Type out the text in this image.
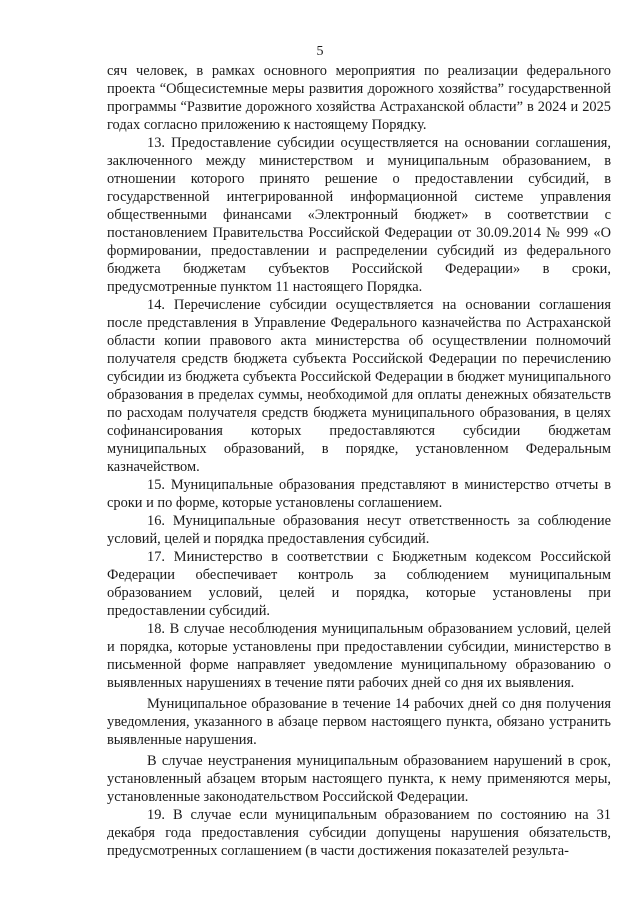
5

сяч человек, в рамках основного мероприятия по реализации федерального проекта “Общесистемные меры развития дорожного хозяйства” государственной программы “Развитие дорожного хозяйства Астраханской области” в 2024 и 2025 годах согласно приложению к настоящему Порядку.

13. Предоставление субсидии осуществляется на основании соглашения, заключенного между министерством и муниципальным образованием, в отношении которого принято решение о предоставлении субсидий, в государственной интегрированной информационной системе управления общественными финансами «Электронный бюджет» в соответствии с постановлением Правительства Российской Федерации от 30.09.2014 № 999 «О формировании, предоставлении и распределении субсидий из федерального бюджета бюджетам субъектов Российской Федерации» в сроки, предусмотренные пунктом 11 настоящего Порядка.

14. Перечисление субсидии осуществляется на основании соглашения после представления в Управление Федерального казначейства по Астраханской области копии правового акта министерства об осуществлении полномочий получателя средств бюджета субъекта Российской Федерации по перечислению субсидии из бюджета субъекта Российской Федерации в бюджет муниципального образования в пределах суммы, необходимой для оплаты денежных обязательств по расходам получателя средств бюджета муниципального образования, в целях софинансирования которых предоставляются субсидии бюджетам муниципальных образований, в порядке, установленном Федеральным казначейством.

15. Муниципальные образования представляют в министерство отчеты в сроки и по форме, которые установлены соглашением.

16. Муниципальные образования несут ответственность за соблюдение условий, целей и порядка предоставления субсидий.

17. Министерство в соответствии с Бюджетным кодексом Российской Федерации обеспечивает контроль за соблюдением муниципальным образованием условий, целей и порядка, которые установлены при предоставлении субсидий.

18. В случае несоблюдения муниципальным образованием условий, целей и порядка, которые установлены при предоставлении субсидии, министерство в письменной форме направляет уведомление муниципальному образованию о выявленных нарушениях в течение пяти рабочих дней со дня их выявления.

Муниципальное образование в течение 14 рабочих дней со дня получения уведомления, указанного в абзаце первом настоящего пункта, обязано устранить выявленные нарушения.

В случае неустранения муниципальным образованием нарушений в срок, установленный абзацем вторым настоящего пункта, к нему применяются меры, установленные законодательством Российской Федерации.

19. В случае если муниципальным образованием по состоянию на 31 декабря года предоставления субсидии допущены нарушения обязательств, предусмотренных соглашением (в части достижения показателей результа-
